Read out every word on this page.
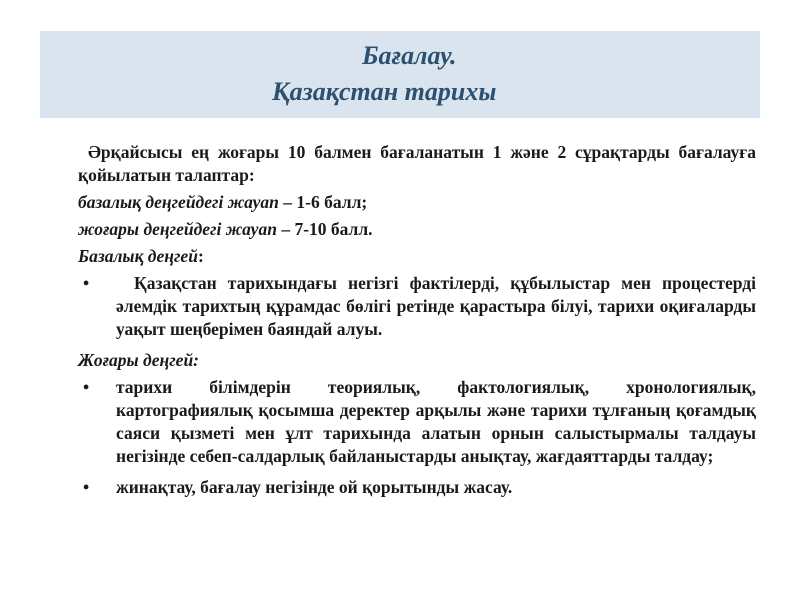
Бағалау.
Қазақстан тарихы

Әрқайсысы ең жоғары 10 балмен бағаланатын 1 және 2 сұрақтарды бағалауға қойылатын талаптар:

базалық деңгейдегі жауап – 1-6 балл;

жоғары деңгейдегі жауап – 7-10 балл.

Базалық деңгей:

•	Қазақстан тарихындағы негізгі фактілерді, құбылыстар мен процестерді әлемдік тарихтың құрамдас бөлігі ретінде қарастыра білуі, тарихи оқиғаларды уақыт шеңберімен баяндай алуы.

Жоғары деңгей:

• тарихи білімдерін теориялық, фактологиялық, хронологиялық, картографиялық қосымша деректер арқылы және тарихи тұлғаның қоғамдық саяси қызметі мен ұлт тарихында алатын орнын салыстырмалы талдауы негізінде себеп-салдарлық байланыстарды анықтау, жағдаяттарды талдау;
• жинақтау, бағалау негізінде ой қорытынды жасау.
